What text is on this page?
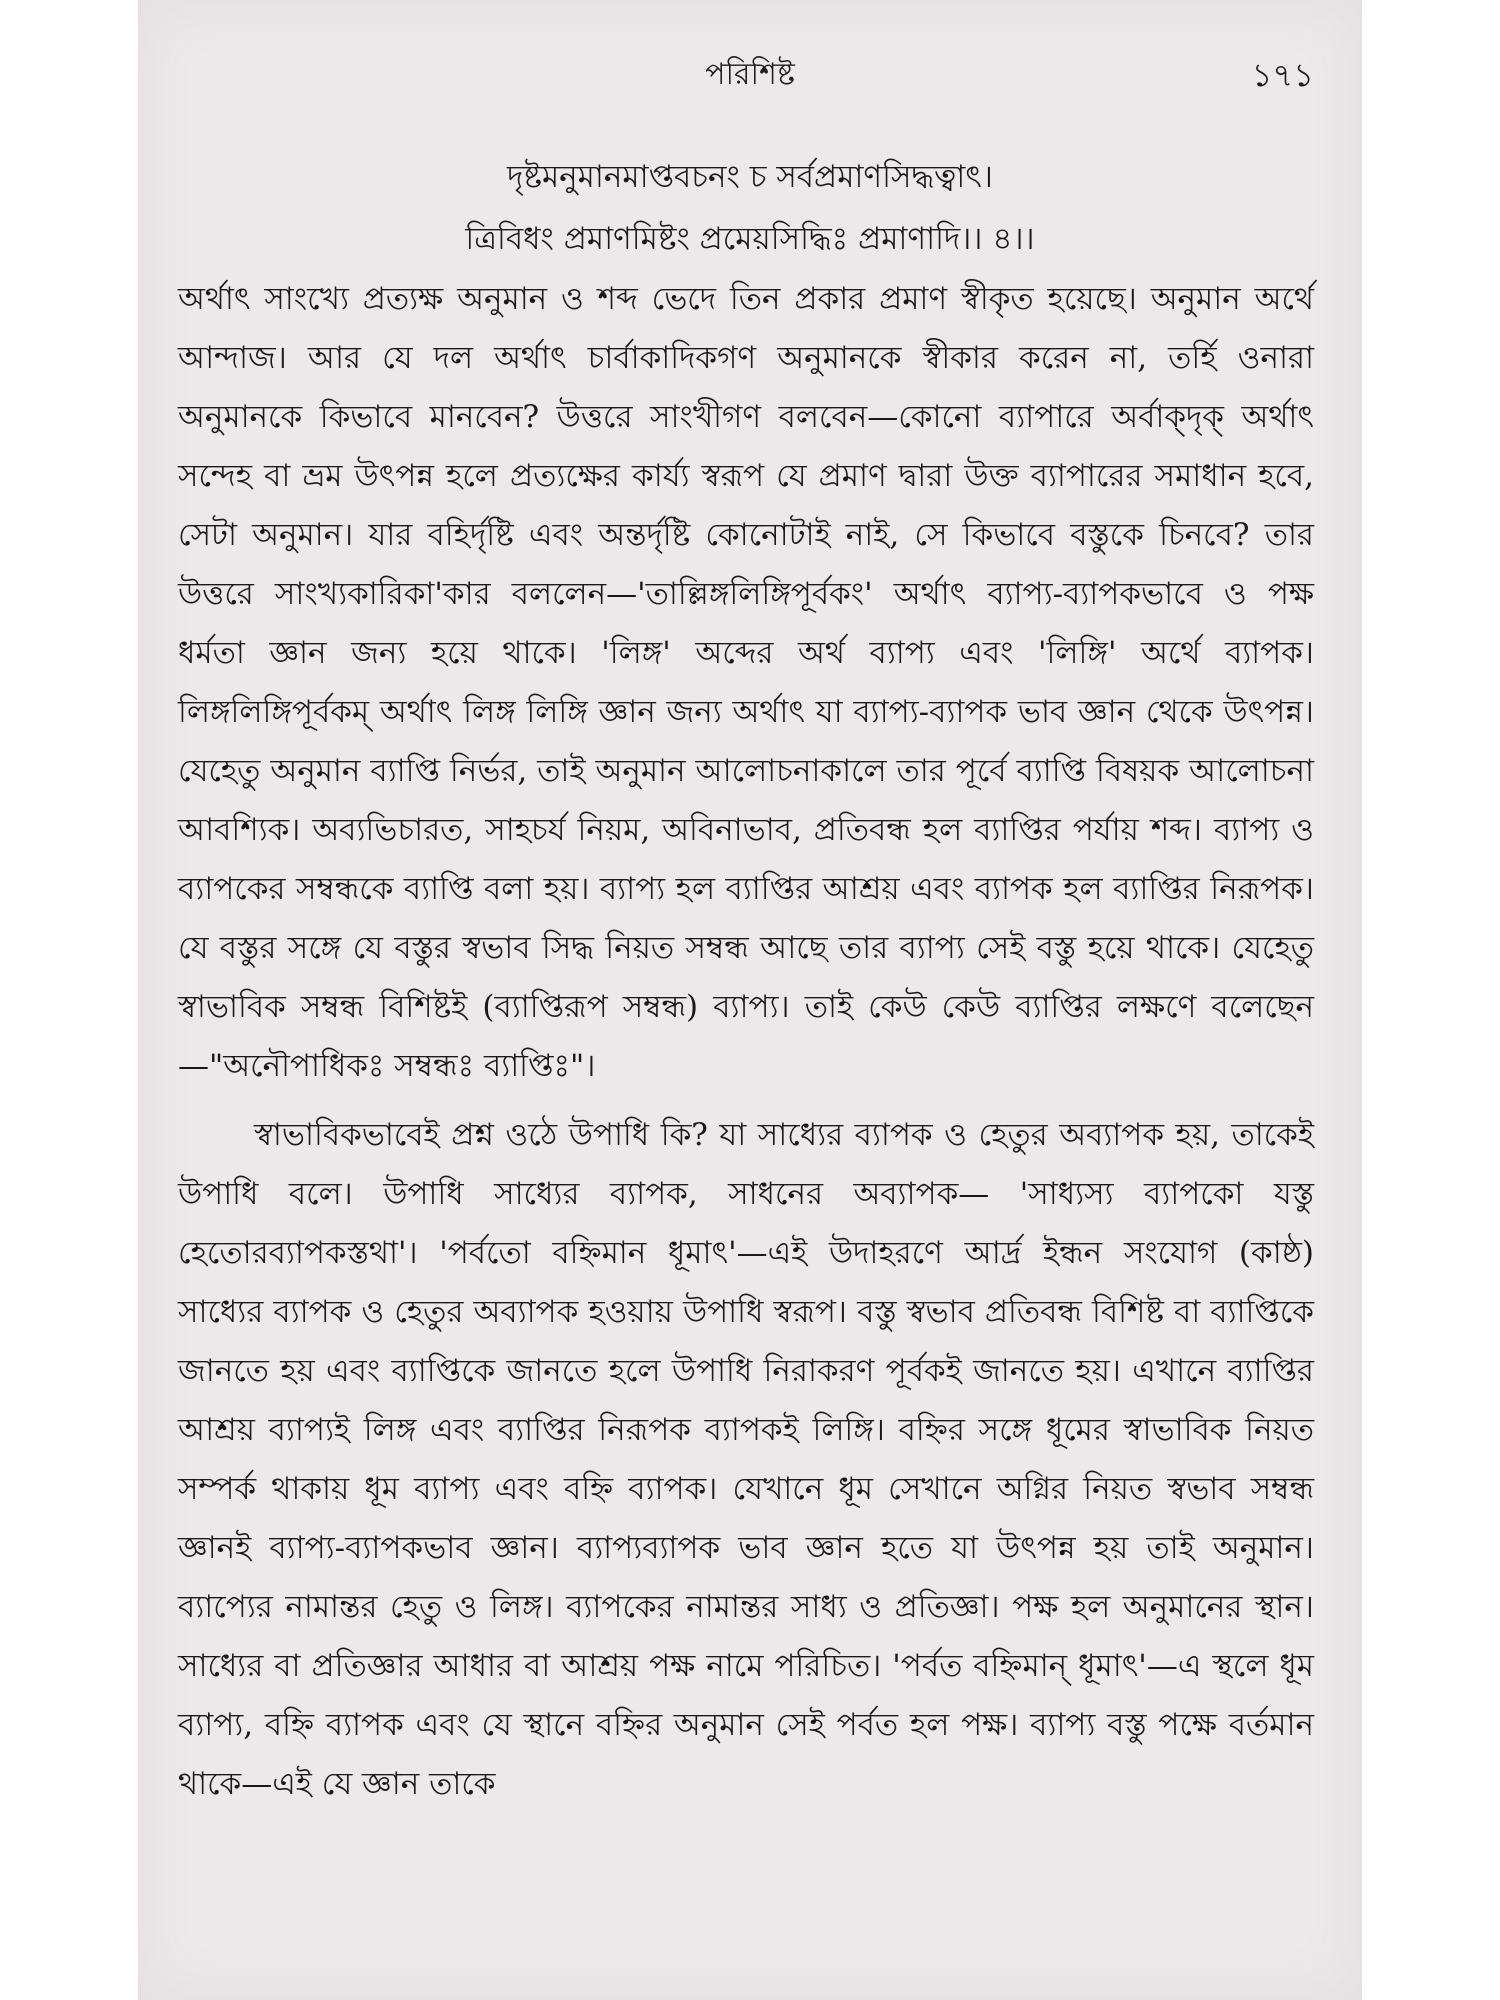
পরিশিষ্ট	১৭১
দৃষ্টমনুমানমাপ্তবচনং চ সর্বপ্রমাণসিদ্ধত্বাৎ।
ত্রিবিধং প্রমাণমিষ্টং প্রমেয়সিদ্ধিঃ প্রমাণাদি।। ৪।।

অর্থাৎ সাংখ্যে প্রত্যক্ষ অনুমান ও শব্দ ভেদে তিন প্রকার প্রমাণ স্বীকৃত হয়েছে। অনুমান অর্থে আন্দাজ। আর যে দল অর্থাৎ চার্বাকাদিকগণ অনুমানকে স্বীকার করেন না, তর্হি ওনারা অনুমানকে কিভাবে মানবেন? উত্তরে সাংখীগণ বলবেন—কোনো ব্যাপারে অর্বাক্দৃক্ অর্থাৎ সন্দেহ বা ভ্রম উৎপন্ন হলে প্রত্যক্ষের কার্য্য স্বরূপ যে প্রমাণ দ্বারা উক্ত ব্যাপারের সমাধান হবে, সেটা অনুমান। যার বহির্দৃষ্টি এবং অন্তর্দৃষ্টি কোনোটাই নাই, সে কিভাবে বস্তুকে চিনবে? তার উত্তরে সাংখ্যকারিকা'কার বললেন—'তাল্লিঙ্গলিঙ্গিপূর্বকং' অর্থাৎ ব্যাপ্য-ব্যাপকভাবে ও পক্ষ ধর্মতা জ্ঞান জন্য হয়ে থাকে। 'লিঙ্গ' অব্দের অর্থ ব্যাপ্য এবং 'লিঙ্গি' অর্থে ব্যাপক। লিঙ্গলিঙ্গিপূর্বকম্ অর্থাৎ লিঙ্গ লিঙ্গি জ্ঞান জন্য অর্থাৎ যা ব্যাপ্য-ব্যাপক ভাব জ্ঞান থেকে উৎপন্ন। যেহেতু অনুমান ব্যাপ্তি নির্ভর, তাই অনুমান আলোচনাকালে তার পূর্বে ব্যাপ্তি বিষয়ক আলোচনা আবশ্যিক। অব্যভিচারত, সাহচর্য নিয়ম, অবিনাভাব, প্রতিবন্ধ হল ব্যাপ্তির পর্যায় শব্দ। ব্যাপ্য ও ব্যাপকের সম্বন্ধকে ব্যাপ্তি বলা হয়। ব্যাপ্য হল ব্যাপ্তির আশ্রয় এবং ব্যাপক হল ব্যাপ্তির নিরূপক। যে বস্তুর সঙ্গে যে বস্তুর স্বভাব সিদ্ধ নিয়ত সম্বন্ধ আছে তার ব্যাপ্য সেই বস্তু হয়ে থাকে। যেহেতু স্বাভাবিক সম্বন্ধ বিশিষ্টই (ব্যাপ্তিরূপ সম্বন্ধ) ব্যাপ্য। তাই কেউ কেউ ব্যাপ্তির লক্ষণে বলেছেন—"অনৌপাধিকঃ সম্বন্ধঃ ব্যাপ্তিঃ"।

স্বাভাবিকভাবেই প্রশ্ন ওঠে উপাধি কি? যা সাধ্যের ব্যাপক ও হেতুর অব্যাপক হয়, তাকেই উপাধি বলে। উপাধি সাধ্যের ব্যাপক, সাধনের অব্যাপক— 'সাধ্যস্য ব্যাপকো যস্তু হেতোরব্যাপকস্তথা'। 'পর্বতো বহ্নিমান ধূমাৎ'—এই উদাহরণে আর্দ্র ইন্ধন সংযোগ (কাষ্ঠ) সাধ্যের ব্যাপক ও হেতুর অব্যাপক হওয়ায় উপাধি স্বরূপ। বস্তু স্বভাব প্রতিবন্ধ বিশিষ্ট বা ব্যাপ্তিকে জানতে হয় এবং ব্যাপ্তিকে জানতে হলে উপাধি নিরাকরণ পূর্বকই জানতে হয়। এখানে ব্যাপ্তির আশ্রয় ব্যাপ্যই লিঙ্গ এবং ব্যাপ্তির নিরূপক ব্যাপকই লিঙ্গি। বহ্নির সঙ্গে ধূমের স্বাভাবিক নিয়ত সম্পর্ক থাকায় ধূম ব্যাপ্য এবং বহ্নি ব্যাপক। যেখানে ধূম সেখানে অগ্নির নিয়ত স্বভাব সম্বন্ধ জ্ঞানই ব্যাপ্য-ব্যাপকভাব জ্ঞান। ব্যাপ্যব্যাপক ভাব জ্ঞান হতে যা উৎপন্ন হয় তাই অনুমান। ব্যাপ্যের নামান্তর হেতু ও লিঙ্গ। ব্যাপকের নামান্তর সাধ্য ও প্রতিজ্ঞা। পক্ষ হল অনুমানের স্থান। সাধ্যের বা প্রতিজ্ঞার আধার বা আশ্রয় পক্ষ নামে পরিচিত। 'পর্বত বহ্নিমান্ ধূমাৎ'—এ স্থলে ধূম ব্যাপ্য, বহ্নি ব্যাপক এবং যে স্থানে বহ্নির অনুমান সেই পর্বত হল পক্ষ। ব্যাপ্য বস্তু পক্ষে বর্তমান থাকে—এই যে জ্ঞান তাকে
